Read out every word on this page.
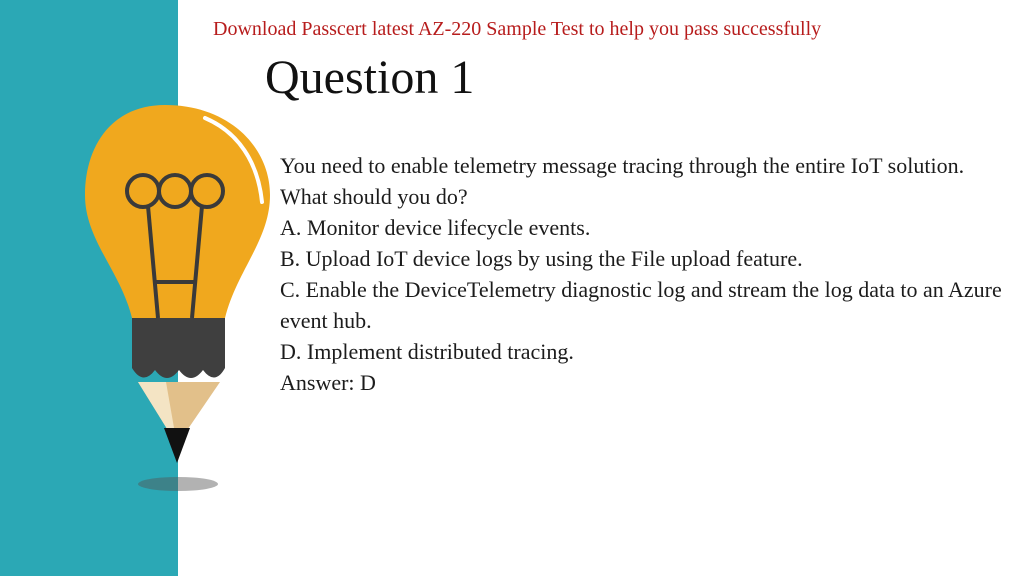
Download Passcert latest AZ-220 Sample Test to help you pass successfully
Question 1

You need to enable telemetry message tracing through the entire IoT solution.

What should you do?

A. Monitor device lifecycle events.

B. Upload IoT device logs by using the File upload feature.

C. Enable the DeviceTelemetry diagnostic log and stream the log data to an Azure event hub.

D. Implement distributed tracing.

Answer: D
